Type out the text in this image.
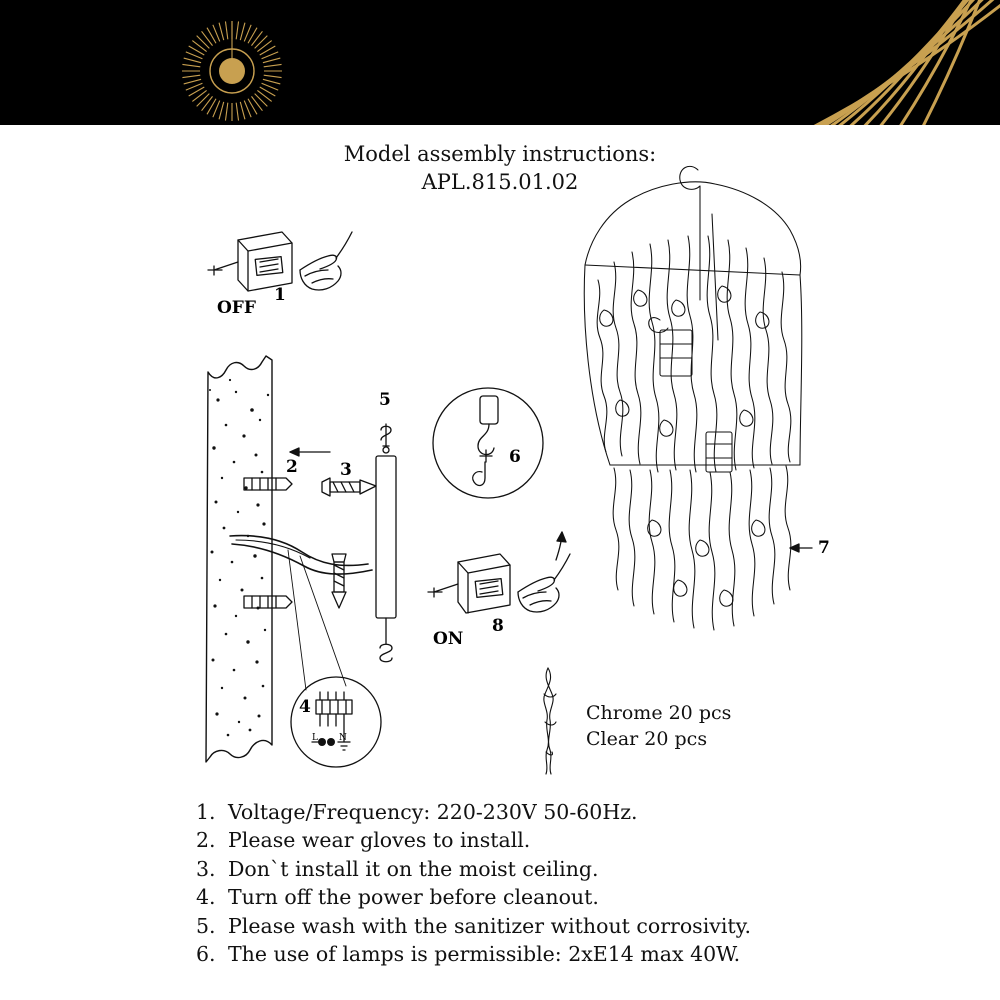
Model assembly instructions:
APL.815.01.02
OFF
1
2 3
4
5
6
7
ON
8
L N
Chrome 20 pcs
Clear 20 pcs
1. Voltage/Frequency: 220-230V 50-60Hz.
2. Please wear gloves to install.
3. Don`t install it on the moist ceiling.
4. Turn off the power before cleanout.
5. Please wash with the sanitizer without corrosivity.
6. The use of lamps is permissible: 2xE14 max 40W.
